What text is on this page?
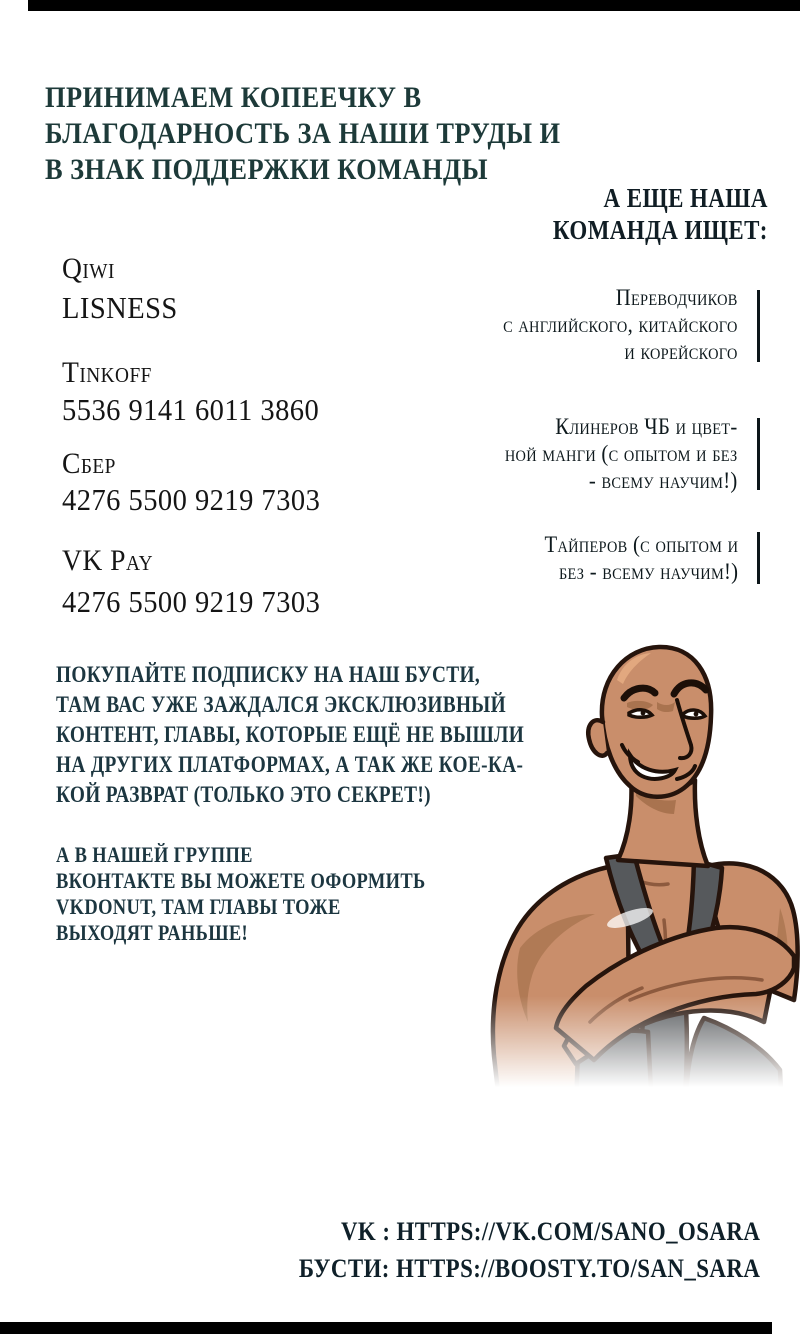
ПРИНИМАЕМ КОПЕЕЧКУ В
БЛАГОДАРНОСТЬ ЗА НАШИ ТРУДЫ И
В ЗНАК ПОДДЕРЖКИ КОМАНДЫ
Qiwi
LISNESS
Tinkoff
5536 9141 6011 3860
Сбер
4276 5500 9219 7303
VK Pay
4276 5500 9219 7303
А ЕЩЕ НАША
КОМАНДА ИЩЕТ:
Переводчиков
с английского, китайского
и корейского
Клинеров ЧБ и цвет-
ной манги (с опытом и без
- всему научим!)
Тайперов (с опытом и
без - всему научим!)
ПОКУПАЙТЕ ПОДПИСКУ НА НАШ БУСТИ,
ТАМ ВАС УЖЕ ЗАЖДАЛСЯ ЭКСКЛЮЗИВНЫЙ
КОНТЕНТ, ГЛАВЫ, КОТОРЫЕ ЕЩЁ НЕ ВЫШЛИ
НА ДРУГИХ ПЛАТФОРМАХ, А ТАК ЖЕ КОЕ-КА-
КОЙ РАЗВРАТ (ТОЛЬКО ЭТО СЕКРЕТ!)
А В НАШЕЙ ГРУППЕ
ВКОНТАКТЕ ВЫ МОЖЕТЕ ОФОРМИТЬ
VKDONUT, ТАМ ГЛАВЫ ТОЖЕ
ВЫХОДЯТ РАНЬШЕ!
VK : HTTPS://VK.COM/SANO_OSARA
БУСТИ: HTTPS://BOOSTY.TO/SAN_SARA
